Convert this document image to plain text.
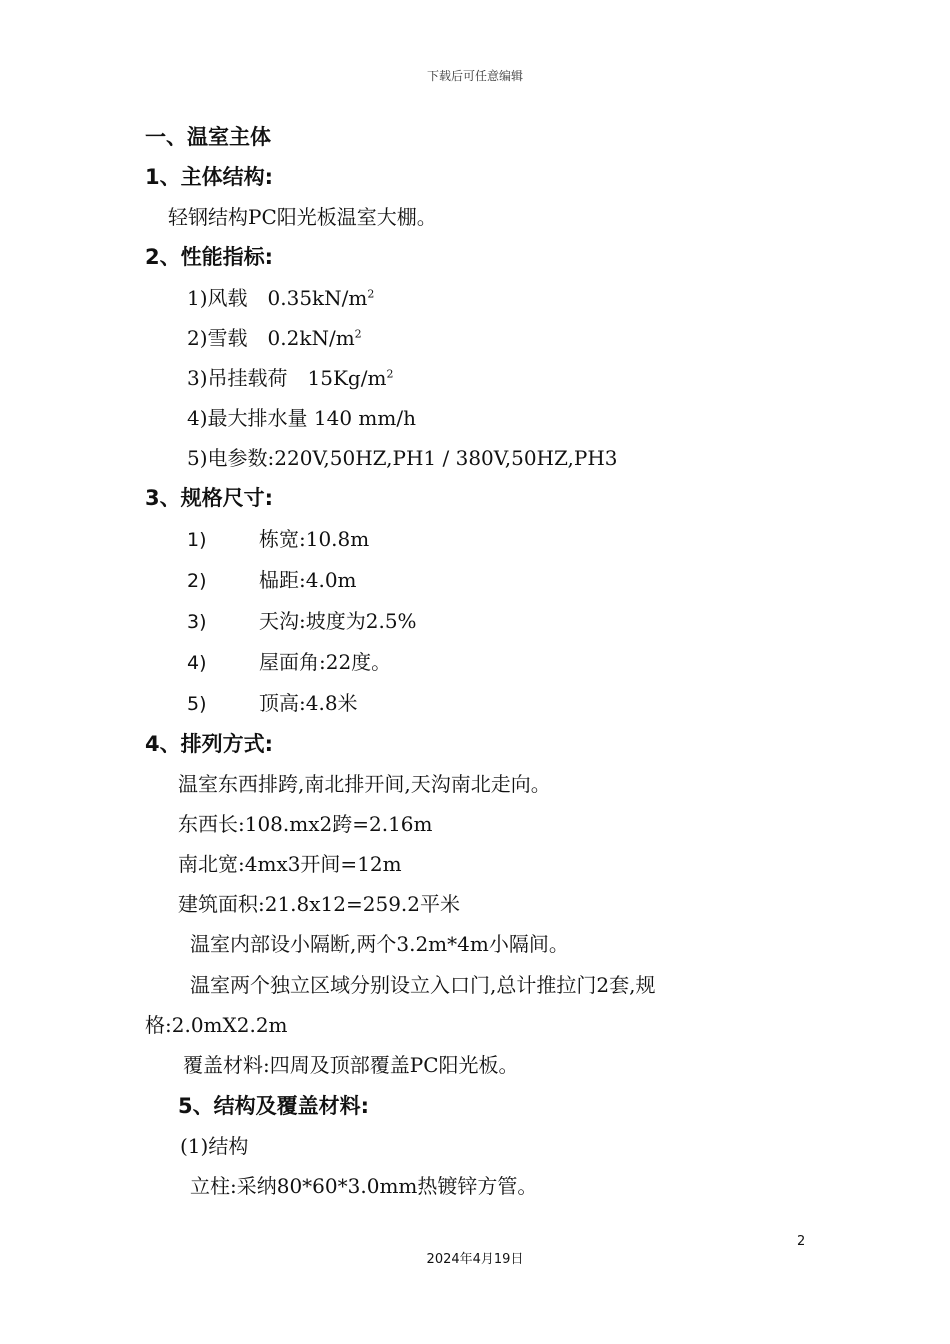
下载后可任意编辑
一、温室主体
1、主体结构:
轻钢结构PC阳光板温室大棚。
2、性能指标:
1)风载　$0.35kN/m^2$
2)雪载　$0.2kN/m^2$
3)吊挂载荷　$15Kg/m^2$
4)最大排水量 140 mm/h
5)电参数:220V,50HZ,PH1 / 380V,50HZ,PH3
3、规格尺寸:
1)	栋宽:10.8m
2)	榀距:4.0m
3)	天沟:坡度为2.5%
4)	屋面角:22度。
5)	顶高:4.8米
4、排列方式:
温室东西排跨,南北排开间,天沟南北走向。
东西长:108.mx2跨=2.16m
南北宽:4mx3开间=12m
建筑面积:21.8x12=259.2平米
温室内部设小隔断,两个3.2m*4m小隔间。
温室两个独立区域分别设立入口门,总计推拉门2套,规
格:2.0mX2.2m
覆盖材料:四周及顶部覆盖PC阳光板。
5、结构及覆盖材料:
(1)结构
立柱:采纳80*60*3.0mm热镀锌方管。
2
2024年4月19日
